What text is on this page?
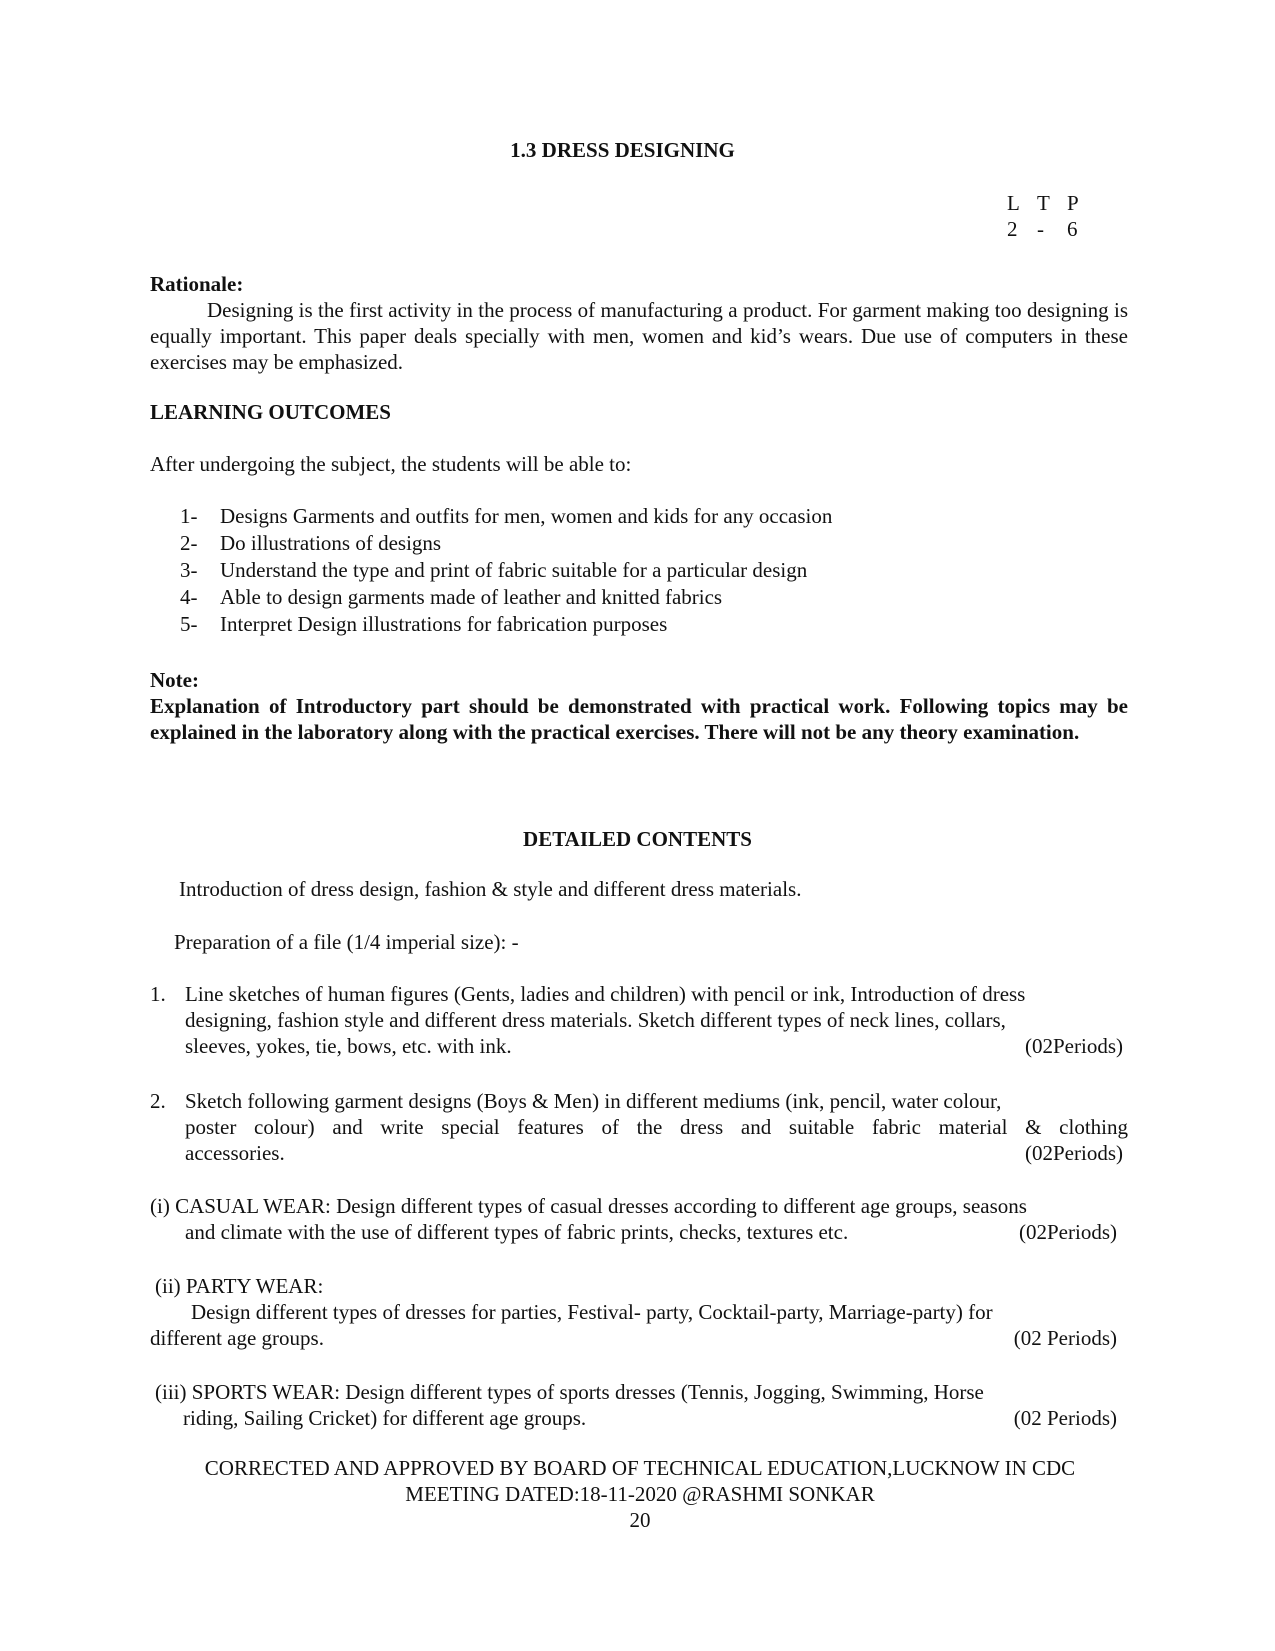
1.3 DRESS DESIGNING
L T P
2 - 6
Rationale:
Designing is the first activity in the process of manufacturing a product. For garment making too designing is equally important. This paper deals specially with men, women and kid’s wears. Due use of computers in these exercises may be emphasized.
LEARNING OUTCOMES
After undergoing the subject, the students will be able to:
1-	Designs Garments and outfits for men, women and kids for any occasion
2-	Do illustrations of designs
3-	Understand the type and print of fabric suitable for a particular design
4-	Able to design garments made of leather and knitted fabrics
5-	Interpret Design illustrations for fabrication purposes
Note:
Explanation of Introductory part should be demonstrated with practical work. Following topics may be explained in the laboratory along with the practical exercises. There will not be any theory examination.
DETAILED CONTENTS
Introduction of dress design, fashion & style and different dress materials.
Preparation of a file (1/4 imperial size): -
1. Line sketches of human figures (Gents, ladies and children) with pencil or ink, Introduction of dress
designing, fashion style and different dress materials. Sketch different types of neck lines, collars,
sleeves, yokes, tie, bows, etc. with ink.	(02Periods)
2. Sketch following garment designs (Boys & Men) in different mediums (ink, pencil, water colour,
poster colour) and write special features of the dress and suitable fabric material & clothing
accessories.	(02Periods)
(i) CASUAL WEAR: Design different types of casual dresses according to different age groups, seasons
and climate with the use of different types of fabric prints, checks, textures etc.	(02Periods)
(ii) PARTY WEAR:
Design different types of dresses for parties, Festival- party, Cocktail-party, Marriage-party) for
different age groups.	(02 Periods)
(iii) SPORTS WEAR: Design different types of sports dresses (Tennis, Jogging, Swimming, Horse
riding, Sailing Cricket) for different age groups.	(02 Periods)
CORRECTED AND APPROVED BY BOARD OF TECHNICAL EDUCATION,LUCKNOW IN CDC
MEETING DATED:18-11-2020 @RASHMI SONKAR
20
